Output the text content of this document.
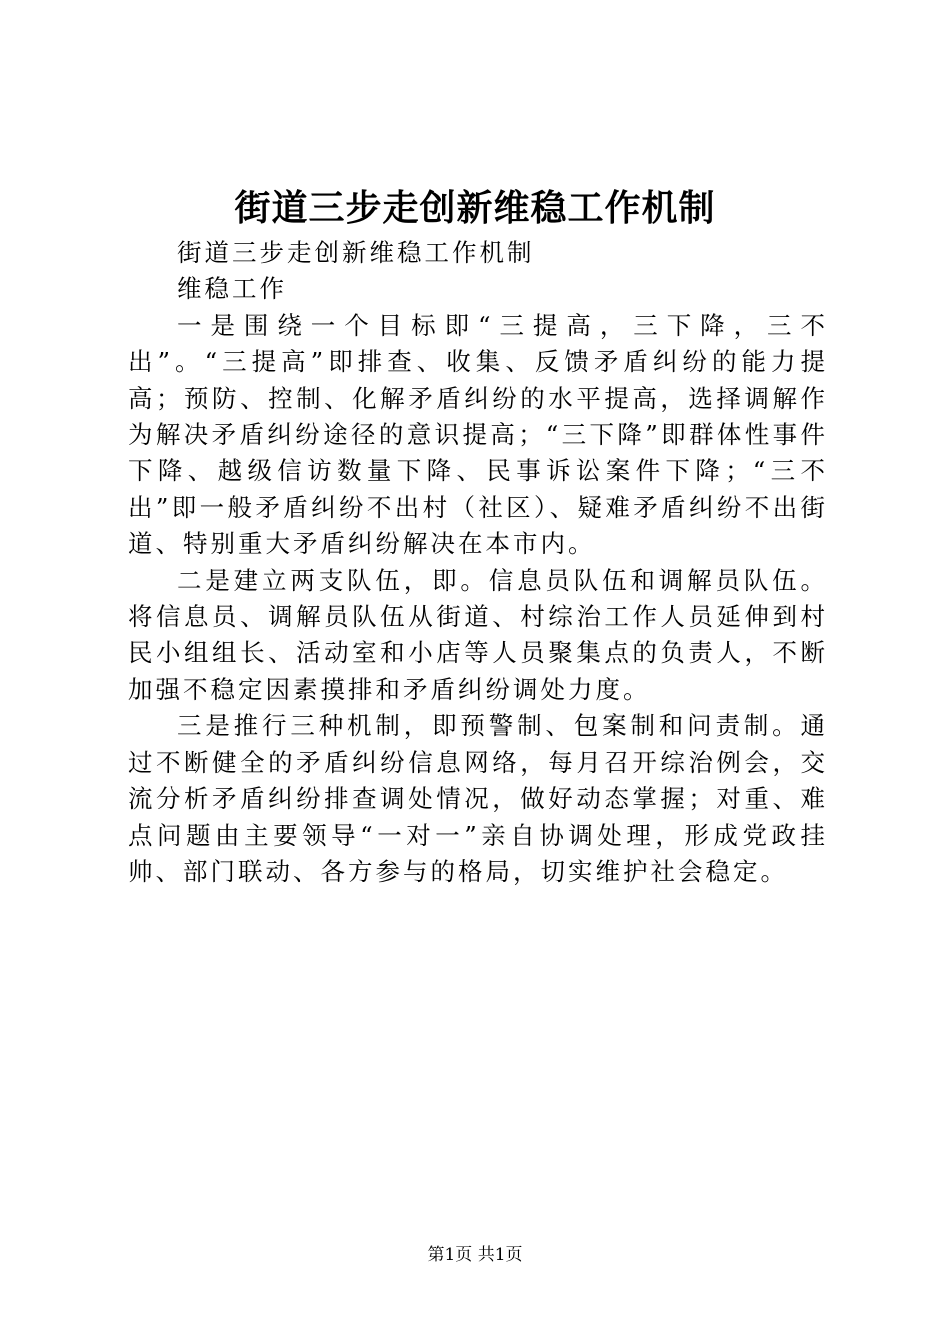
街道三步走创新维稳工作机制

街道三步走创新维稳工作机制

维稳工作

一是围绕一个目标即“三提高，三下降，三不出”。“三提高”即排查、收集、反馈矛盾纠纷的能力提高；预防、控制、化解矛盾纠纷的水平提高，选择调解作为解决矛盾纠纷途径的意识提高；“三下降”即群体性事件下降、越级信访数量下降、民事诉讼案件下降；“三不出”即一般矛盾纠纷不出村（社区）、疑难矛盾纠纷不出街道、特别重大矛盾纠纷解决在本市内。

二是建立两支队伍，即。信息员队伍和调解员队伍。将信息员、调解员队伍从街道、村综治工作人员延伸到村民小组组长、活动室和小店等人员聚集点的负责人，不断加强不稳定因素摸排和矛盾纠纷调处力度。

三是推行三种机制，即预警制、包案制和问责制。通过不断健全的矛盾纠纷信息网络，每月召开综治例会，交流分析矛盾纠纷排查调处情况，做好动态掌握；对重、难点问题由主要领导“一对一”亲自协调处理，形成党政挂帅、部门联动、各方参与的格局，切实维护社会稳定。

第1页 共1页
